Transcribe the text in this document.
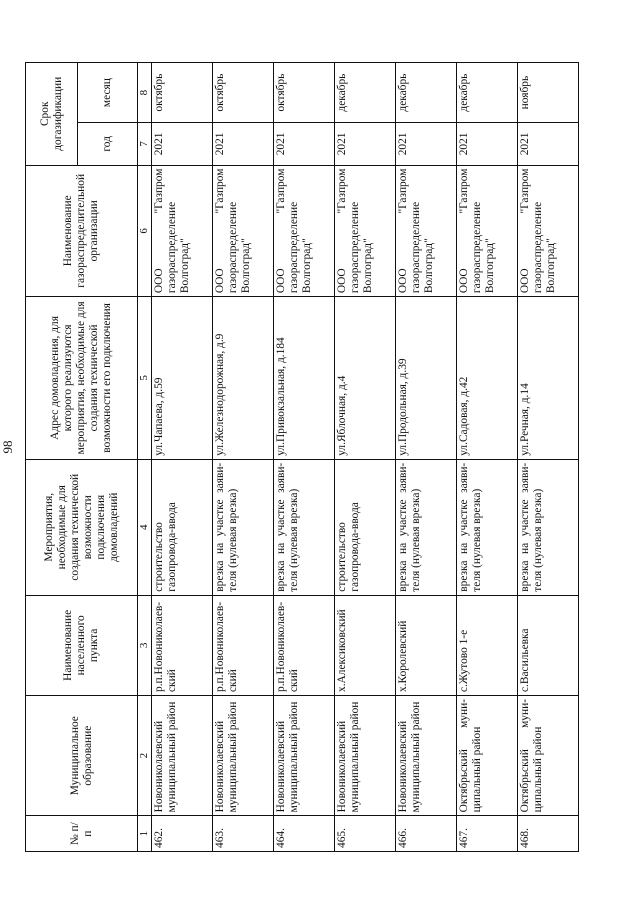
98
№ п/п	Муниципальное образование	Наименование населенного пункта	Мероприятия, необходимые для создания технической возможности подключения домовладений	Адрес домовладения, для которого реализуются мероприятия, необходимые для создания технической возможности его подключения	Наименование газораспределительной организации	Срок догазификации	
						год	месяц
1	2	3	4	5	6	7	8
462.	Новониколаевский муниципальный район	р.п.Новониколаевский	строительство газопровода-ввода	ул.Чапаева, д.59	ООО "Газпром газораспределение Волгоград"	2021	октябрь
463.	Новониколаевский муниципальный район	р.п.Новониколаевский	врезка на участке заявителя (нулевая врезка)	ул.Железнодорожная, д.9	ООО "Газпром газораспределение Волгоград"	2021	октябрь
464.	Новониколаевский муниципальный район	р.п.Новониколаевский	врезка на участке заявителя (нулевая врезка)	ул.Привокзальная, д.184	ООО "Газпром газораспределение Волгоград"	2021	октябрь
465.	Новониколаевский муниципальный район	х.Алексиковский	строительство газопровода-ввода	ул.Яблочная, д.4	ООО "Газпром газораспределение Волгоград"	2021	декабрь
466.	Новониколаевский муниципальный район	х.Королевский	врезка на участке заявителя (нулевая врезка)	ул.Продольная, д.39	ООО "Газпром газораспределение Волгоград"	2021	декабрь
467.	Октябрьский муниципальный район	с.Жутово 1-е	врезка на участке заявителя (нулевая врезка)	ул.Садовая, д.42	ООО "Газпром газораспределение Волгоград"	2021	декабрь
468.	Октябрьский муниципальный район	с.Васильевка	врезка на участке заявителя (нулевая врезка)	ул.Речная, д.14	ООО "Газпром газораспределение Волгоград"	2021	ноябрь
